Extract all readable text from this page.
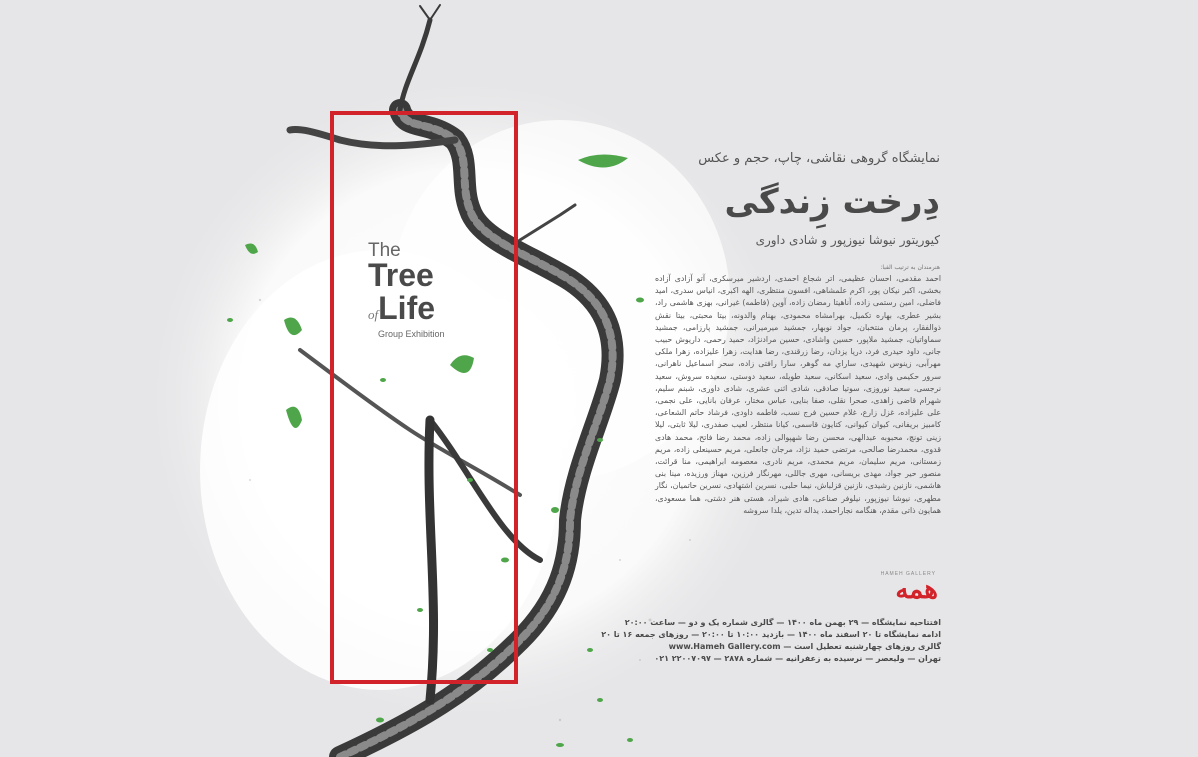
The
Tree
ofLife
Group Exhibition
نمایشگاه گروهی نقاشی، چاپ، حجم و عکس
دِرخت زِندگی
کیوریتور نیوشا نیوزپور و شادی داوری
هنرمندان به ترتیب الفبا:
احمد مقدمی، احسان عظیمی، اتر شجاع احمدی، اردشیر میرسکری، آتو آزادی آزاده بخشی، اکبر نیکان پور، اکرم علمشاهی، افسون منتظری، الهه اکبری، انیاس سدری، امید فاضلی، امین رستمی زاده، آناهیتا رمضان زاده، آوین (فاطمه) غیرانی، بهزی هاشمی راد، بشیر عطری، بهاره تکمیل، بهرامشاه محمودی، بهنام والدونه، بیتا محبتی، بیتا نقش ذوالفقار، پرمان منتخبان، جواد نوبهار، جمشید میرمیرانی، جمشید پارزامی، جمشید سماواتیان، جمشید ملاپور، حسین واشادی، حسین مرادنژاد، حمید رحمی، داریوش حبیب جانی، داود حیدری فرد، دریا یزدان، رضا زرقندی، رضا هدایت، زهرا علیزاده، زهرا ملکی مهرآبی، زینوس شهیدی، ساراي مه گوهر، سارا رافتی زاده، سحر اسماعیل ناهرانی، سرور حکیمی وادی، سعید اسکانی، سعید طویله، سعید دوستی، سعیده سروش، سعید نرجسی، سعید نوروزی، سوتیا صادقی، شادی اثنی عشری، شادی داوری، شبنم سلیم، شهرام قاضی زاهدی، صحرا نقلی، صفا بنایی، عباس مختار، عرفان بانایی، علی نجمی، علی علیزاده، غزل زارع، غلام حسین فرج نسب، فاطمه داودی، فرشاد حاتم الشعاعی، کامبیز بریفانی، کیوان کیوانی، کتایون قاسمی، کیانا منتظر، لعیب صفدری، لیلا ثابتی، لیلا زینی تونچ، محبوبه عبدالهی، محسن رضا شهپوالی زاده، محمد رضا فاتح، محمد هادی قدوی، محمدرضا صالحی، مرتضی حمید نژاد، مرجان جانعلی، مریم حسینعلی زاده، مریم زمستانی، مریم سلیمان، مریم محمدی، مریم نادری، معصومه ابراهیمی، منا قرائت، منصور حیر جواد، مهدی بریسانی، مهری جاللی، مهرنگار فرزین، مهناز ورزیده، مینا بنی هاشمی، نازنین رشیدی، نازنین قزلباش، نیما حلبی، نسرین اشتهادی، نسرین حاتمیان، نگار مطهری، نیوشا نیوزپور، نیلوفر صناعی، هادی شیراد، هستی هنر دشتی، هما مسعودی، همایون ذاتی مقدم، هنگامه نجاراحمد، یداله تدین، یلدا سروشه
HAMEH GALLERY
همه
افتتاحیه نمایشگاه — ۲۹ بهمن ماه ۱۴۰۰ — گالری شماره یک و دو — ساعت ۲۰:۰۰
ادامه نمایشگاه تا ۲۰ اسفند ماه ۱۴۰۰ — بازدید ۱۰:۰۰ تا ۲۰:۰۰ — روزهای جمعه ۱۶ تا ۲۰
گالری روزهای چهارشنبه تعطیل است — www.Hameh Gallery.com
تهران — ولیعصر — نرسیده به زعفرانیه — شماره ۲۸۷۸ — ۲۲۰۰۷۰۹۷ ۰۲۱
